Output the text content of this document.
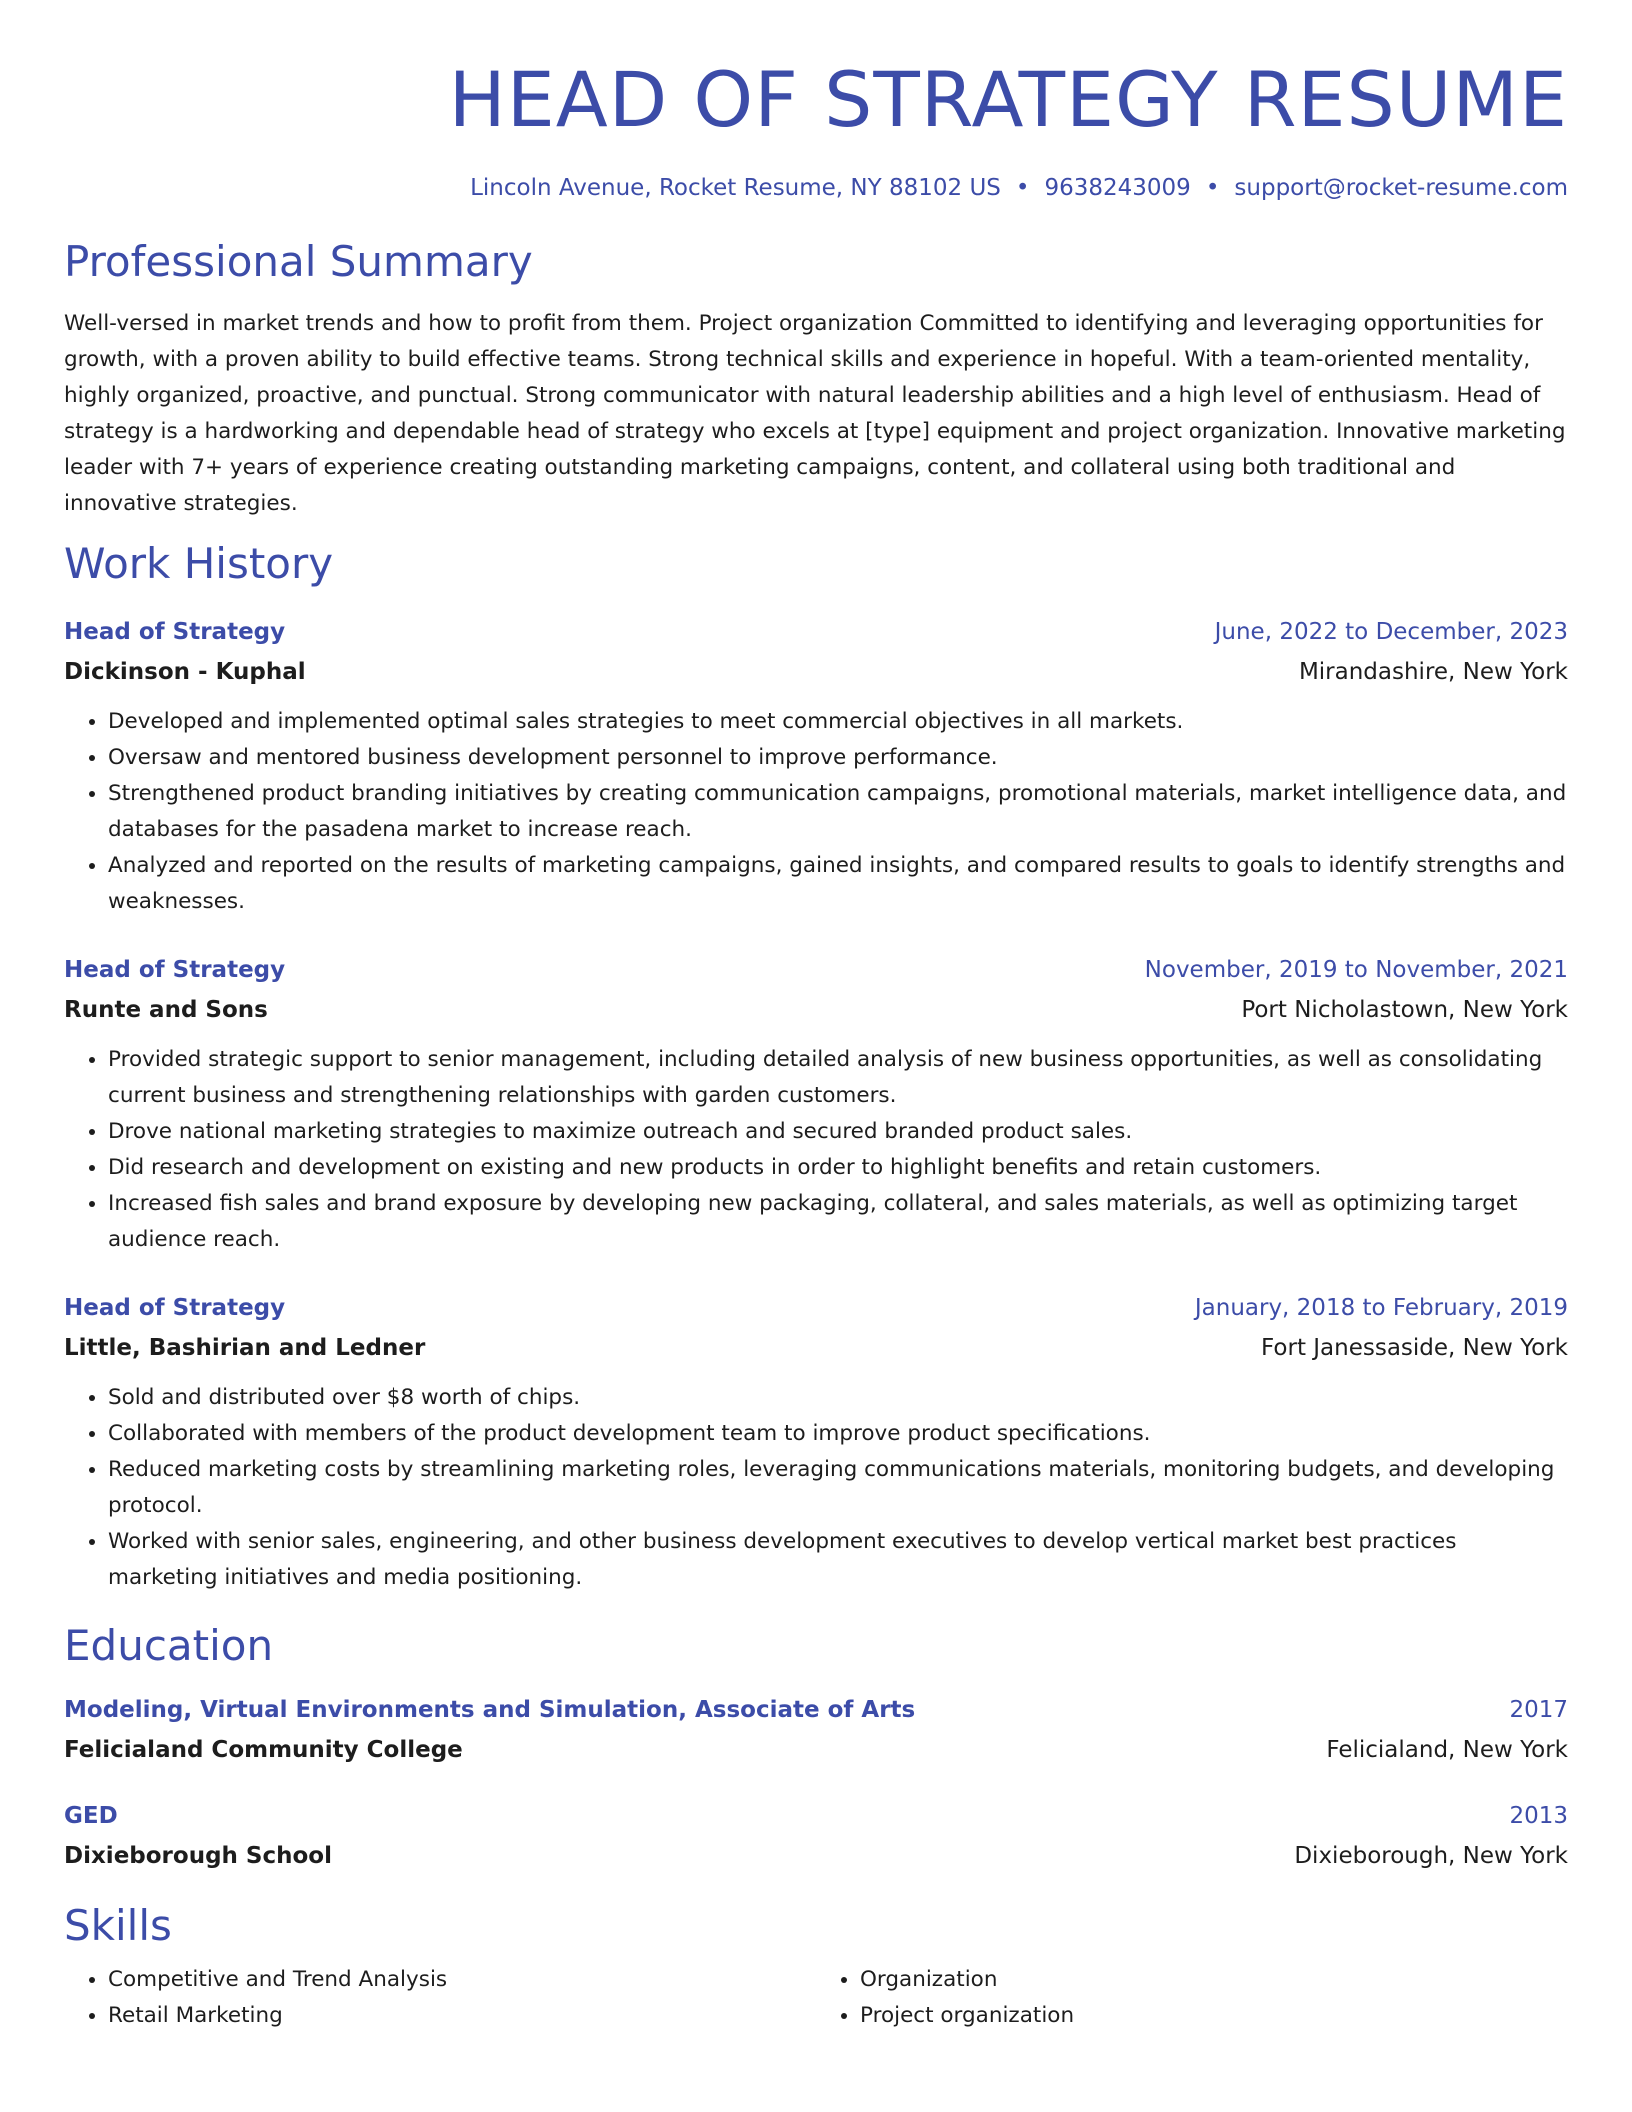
HEAD OF STRATEGY RESUME
Lincoln Avenue, Rocket Resume, NY 88102 US • 9638243009 • support@rocket-resume.com
Professional Summary
Well-versed in market trends and how to profit from them. Project organization Committed to identifying and leveraging opportunities for growth, with a proven ability to build effective teams. Strong technical skills and experience in hopeful. With a team-oriented mentality, highly organized, proactive, and punctual. Strong communicator with natural leadership abilities and a high level of enthusiasm. Head of strategy is a hardworking and dependable head of strategy who excels at [type] equipment and project organization. Innovative marketing leader with 7+ years of experience creating outstanding marketing campaigns, content, and collateral using both traditional and innovative strategies.
Work History
Head of Strategy	June, 2022 to December, 2023
Dickinson - Kuphal	Mirandashire, New York
• Developed and implemented optimal sales strategies to meet commercial objectives in all markets.
• Oversaw and mentored business development personnel to improve performance.
• Strengthened product branding initiatives by creating communication campaigns, promotional materials, market intelligence data, and databases for the pasadena market to increase reach.
• Analyzed and reported on the results of marketing campaigns, gained insights, and compared results to goals to identify strengths and weaknesses.
Head of Strategy	November, 2019 to November, 2021
Runte and Sons	Port Nicholastown, New York
• Provided strategic support to senior management, including detailed analysis of new business opportunities, as well as consolidating current business and strengthening relationships with garden customers.
• Drove national marketing strategies to maximize outreach and secured branded product sales.
• Did research and development on existing and new products in order to highlight benefits and retain customers.
• Increased fish sales and brand exposure by developing new packaging, collateral, and sales materials, as well as optimizing target audience reach.
Head of Strategy	January, 2018 to February, 2019
Little, Bashirian and Ledner	Fort Janessaside, New York
• Sold and distributed over $8 worth of chips.
• Collaborated with members of the product development team to improve product specifications.
• Reduced marketing costs by streamlining marketing roles, leveraging communications materials, monitoring budgets, and developing protocol.
• Worked with senior sales, engineering, and other business development executives to develop vertical market best practices marketing initiatives and media positioning.
Education
Modeling, Virtual Environments and Simulation, Associate of Arts	2017
Felicialand Community College	Felicialand, New York
GED	2013
Dixieborough School	Dixieborough, New York
Skills
• Competitive and Trend Analysis
• Retail Marketing
• Organization
• Project organization
